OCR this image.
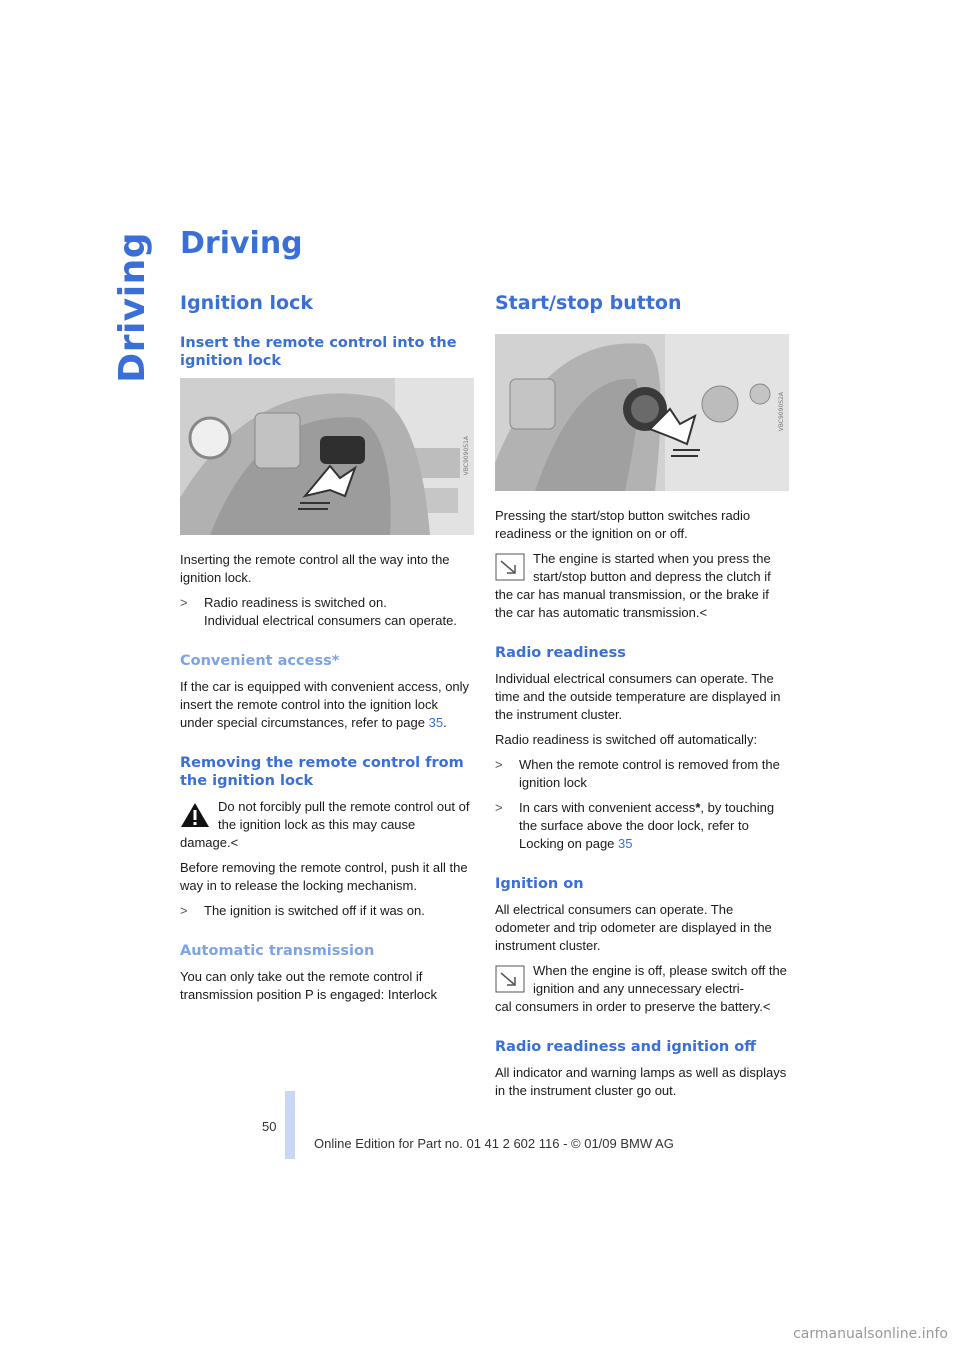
Driving Driving
Ignition lock
Insert the remote control into the ignition lock
VBC9090S1A

Inserting the remote control all the way into the ignition lock.

> Radio readiness is switched on.
Individual electrical consumers can operate.
Convenient access*

If the car is equipped with convenient access, only insert the remote control into the ignition lock under special circumstances, refer to page 35.

Removing the remote control from the ignition lock
Do not forcibly pull the remote control out of the ignition lock as this may cause
damage.<

Before removing the remote control, push it all the way in to release the locking mechanism.

> The ignition is switched off if it was on.
Automatic transmission

You can only take out the remote control if transmission position P is engaged: Interlock

Start/stop button
VBC9090S2A

Pressing the start/stop button switches radio readiness or the ignition on or off.

The engine is started when you press the start/stop button and depress the clutch if
the car has manual transmission, or the brake if the car has automatic transmission.<
Radio readiness

Individual electrical consumers can operate. The time and the outside temperature are displayed in the instrument cluster.

Radio readiness is switched off automatically:

> When the remote control is removed from the ignition lock
> In cars with convenient access*, by touching the surface above the door lock, refer to Locking on page 35
Ignition on

All electrical consumers can operate. The odometer and trip odometer are displayed in the instrument cluster.

When the engine is off, please switch off the ignition and any unnecessary electri-
cal consumers in order to preserve the battery.<
Radio readiness and ignition off

All indicator and warning lamps as well as displays in the instrument cluster go out.

50
Online Edition for Part no. 01 41 2 602 116 - © 01/09 BMW AG
carmanualsonline.info
